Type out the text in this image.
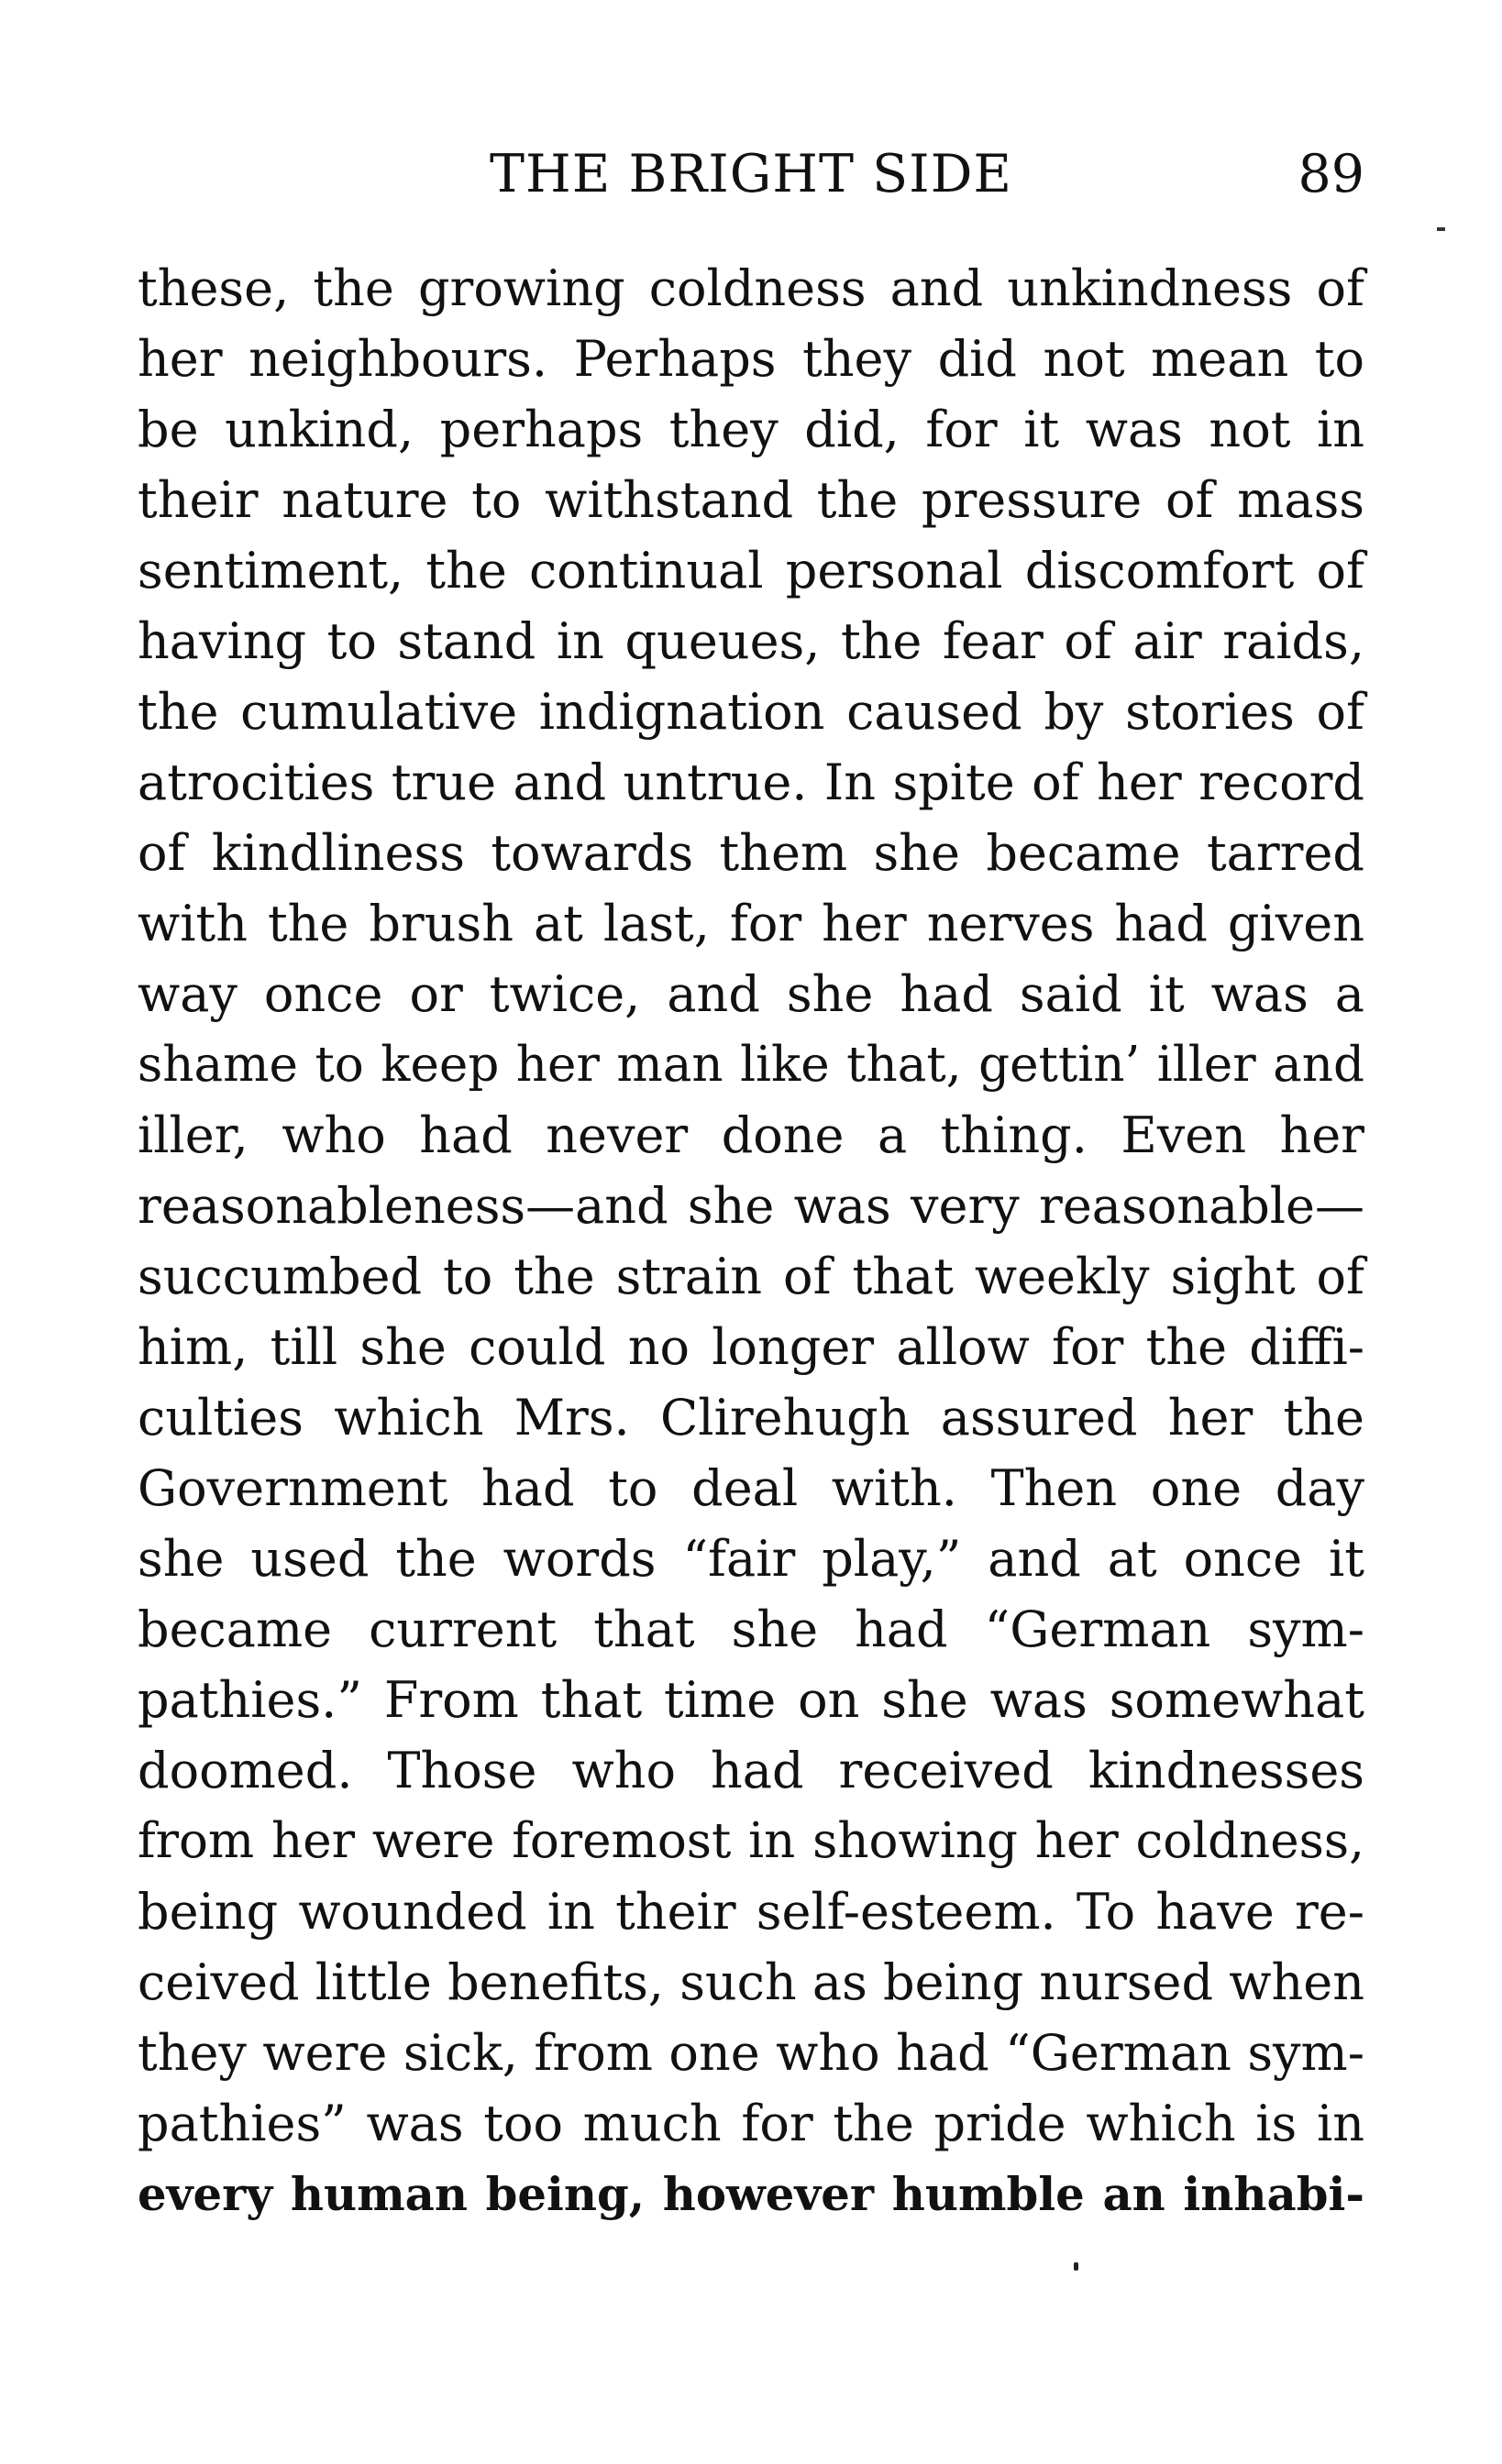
THE BRIGHT SIDE	89
these, the growing coldness and unkindness of
her neighbours. Perhaps they did not mean to
be unkind, perhaps they did, for it was not in
their nature to withstand the pressure of mass
sentiment, the continual personal discomfort of
having to stand in queues, the fear of air raids,
the cumulative indignation caused by stories of
atrocities true and untrue. In spite of her record
of kindliness towards them she became tarred
with the brush at last, for her nerves had given
way once or twice, and she had said it was a
shame to keep her man like that, gettin’ iller and
iller, who had never done a thing. Even her
reasonableness—and she was very reasonable—
succumbed to the strain of that weekly sight of
him, till she could no longer allow for the diffi-
culties which Mrs. Clirehugh assured her the
Government had to deal with. Then one day
she used the words “fair play,” and at once it
became current that she had “German sym-
pathies.” From that time on she was somewhat
doomed. Those who had received kindnesses
from her were foremost in showing her coldness,
being wounded in their self-esteem. To have re-
ceived little benefits, such as being nursed when
they were sick, from one who had “German sym-
pathies” was too much for the pride which is in
every human being, however humble an inhabi-
